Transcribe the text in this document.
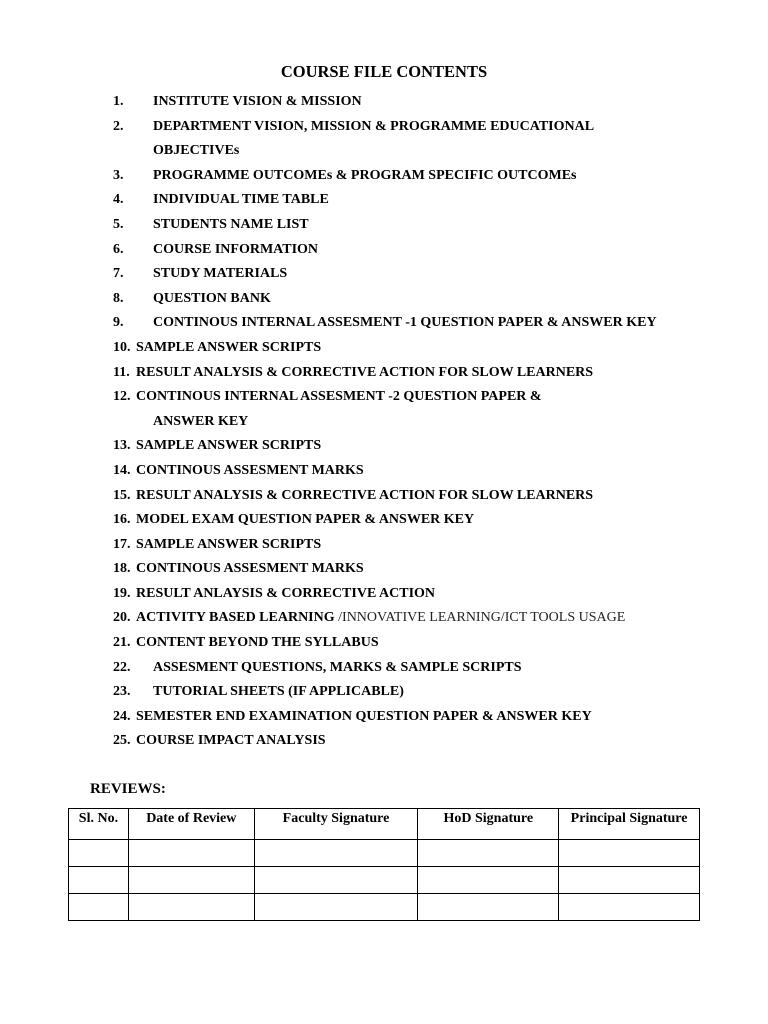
COURSE FILE CONTENTS
1. INSTITUTE VISION & MISSION
2. DEPARTMENT VISION, MISSION & PROGRAMME EDUCATIONAL
OBJECTIVEs
3. PROGRAMME OUTCOMEs & PROGRAM SPECIFIC OUTCOMEs
4. INDIVIDUAL TIME TABLE
5. STUDENTS NAME LIST
6. COURSE INFORMATION
7. STUDY MATERIALS
8. QUESTION BANK
9. CONTINOUS INTERNAL ASSESMENT -1 QUESTION PAPER & ANSWER KEY
10. SAMPLE ANSWER SCRIPTS
11. RESULT ANALYSIS & CORRECTIVE ACTION FOR SLOW LEARNERS
12. CONTINOUS INTERNAL ASSESMENT -2 QUESTION PAPER &
ANSWER KEY
13. SAMPLE ANSWER SCRIPTS
14. CONTINOUS ASSESMENT MARKS
15. RESULT ANALYSIS & CORRECTIVE ACTION FOR SLOW LEARNERS
16. MODEL EXAM QUESTION PAPER & ANSWER KEY
17. SAMPLE ANSWER SCRIPTS
18. CONTINOUS ASSESMENT MARKS
19. RESULT ANLAYSIS & CORRECTIVE ACTION
20. ACTIVITY BASED LEARNING /INNOVATIVE LEARNING/ICT TOOLS USAGE
21. CONTENT BEYOND THE SYLLABUS
22. ASSESMENT QUESTIONS, MARKS & SAMPLE SCRIPTS
23. TUTORIAL SHEETS (IF APPLICABLE)
24. SEMESTER END EXAMINATION QUESTION PAPER & ANSWER KEY
25. COURSE IMPACT ANALYSIS
REVIEWS:
Sl. No.	Date of Review	Faculty Signature	HoD Signature	Principal Signature
